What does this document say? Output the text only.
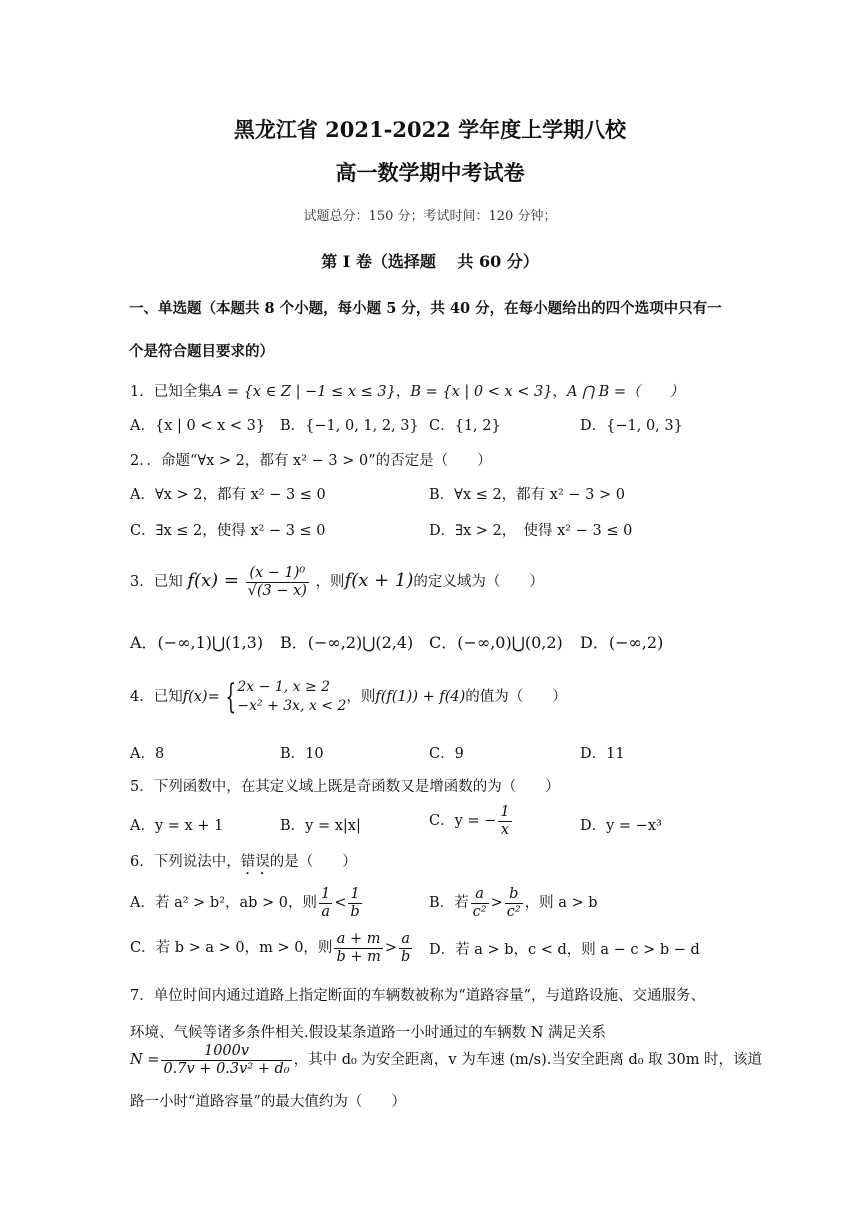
黑龙江省 2021-2022 学年度上学期八校
高一数学期中考试卷
试题总分：150 分；考试时间：120 分钟；
第 I 卷（选择题　 共 60 分）
一、单选题（本题共 8 个小题，每小题 5 分，共 40 分，在每小题给出的四个选项中只有一
个是符合题目要求的）
1．已知全集A = {x ∈ Z | −1 ≤ x ≤ 3}，B = {x | 0 < x < 3}，A ⋂ B =（　　）
A．{x | 0 < x < 3} B．{−1, 0, 1, 2, 3} C．{1, 2}	D．{−1, 0, 3}
2．．命题“∀x > 2，都有 x² − 3 > 0”的否定是（　　）
A．∀x > 2，都有 x² − 3 ≤ 0	B．∀x ≤ 2，都有 x² − 3 > 0
C．∃x ≤ 2，使得 x² − 3 ≤ 0	D．∃x > 2，　使得 x² − 3 ≤ 0
3．已知 $f(x) = \frac{\text{(x − 1)⁰}}{√(3 - x)}$ ，则f(x + 1)的定义域为（　　）
A．(−∞,1)⋃(1,3) B．(−∞,2)⋃(2,4) C．(−∞,0)⋃(0,2) D．(−∞,2)
4．已知f(x)= { 2x − 1, x ≥ 2
−x² + 3x, x < 2
，则f(f(1)) + f(4)的值为（　　）
A．8	B．10	C．9	D．11
5．下列函数中，在其定义域上既是奇函数又是增函数的为（　　）
A．y = x + 1	B．y = x|x|	C．y = − $\frac{1}{x}$	D．y = −x³
6．下列说法中，错误的是（　　）
A．若 a² > b²，ab > 0，则 $\frac{1}{a} < \frac{1}{b}$	B．若 $\frac{a}{\text{c²}} > \frac{b}{\text{c²}}$ ，则 a > b
C．若 b > a > 0，m > 0，则 $\frac{a + m}{b + m} > \frac{a}{b}$ D．若 a > b，c < d，则 a − c > b − d
7．单位时间内通过道路上指定断面的车辆数被称为“道路容量”，与道路设施、交通服务、
环境、气候等诸多条件相关.假设某条道路一小时通过的车辆数 N 满足关系
$N = \frac{1000v}{\text{0.7v + 0.3v² + d₀}}$ ，其中 d₀ 为安全距离，v 为车速 (m/s).当安全距离 d₀ 取 30m 时，该道
路一小时“道路容量”的最大值约为（　　）
